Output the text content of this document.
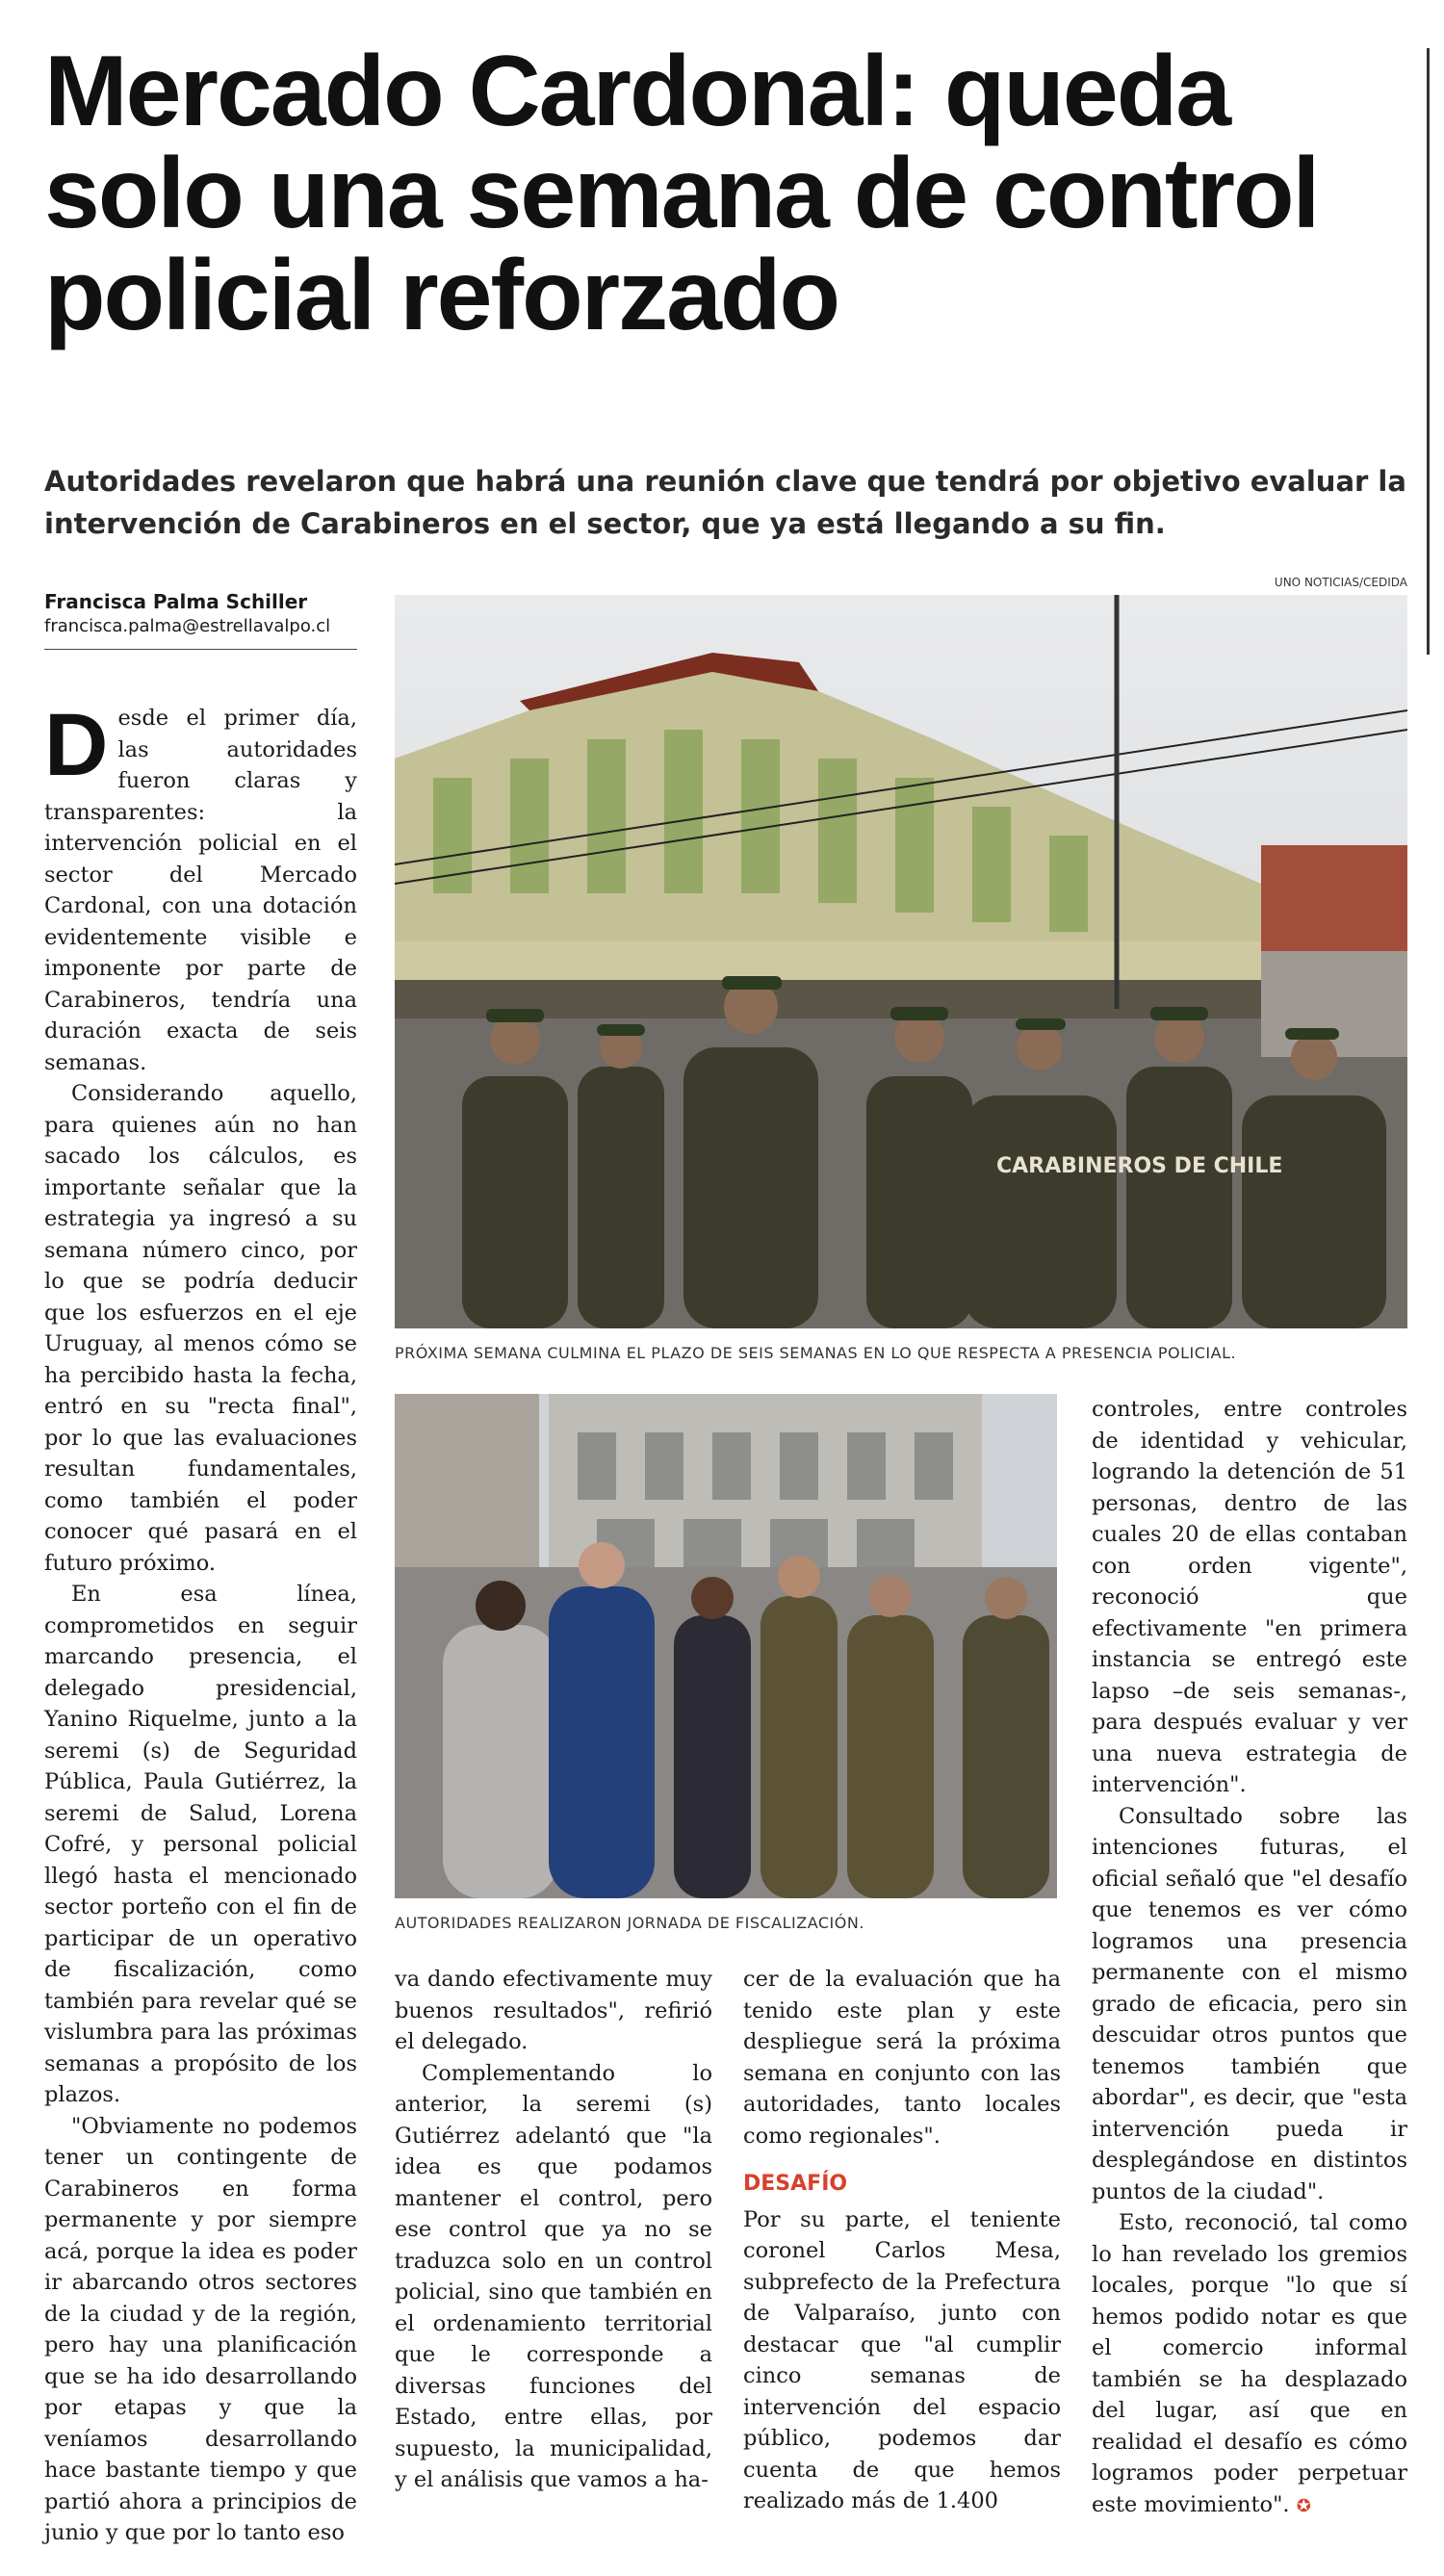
Mercado Cardonal: queda solo una semana de control policial reforzado

Autoridades revelaron que habrá una reunión clave que tendrá por objetivo evaluar la intervención de Carabineros en el sector, que ya está llegando a su fin.

Francisca Palma Schiller
francisca.palma@estrellavalpo.cl
UNO NOTICIAS/CEDIDA
CARABINEROS DE CHILE
PRÓXIMA SEMANA CULMINA EL PLAZO DE SEIS SEMANAS EN LO QUE RESPECTA A PRESENCIA POLICIAL.
AUTORIDADES REALIZARON JORNADA DE FISCALIZACIÓN.

Desde el primer día, las autoridades fueron claras y transparentes: la intervención policial en el sector del Mercado Cardonal, con una dotación evidentemente visible e imponente por parte de Carabineros, tendría una duración exacta de seis semanas.

Considerando aquello, para quienes aún no han sacado los cálculos, es importante señalar que la estrategia ya ingresó a su semana número cinco, por lo que se podría deducir que los esfuerzos en el eje Uruguay, al menos cómo se ha percibido hasta la fecha, entró en su "recta final", por lo que las evaluaciones resultan fundamentales, como también el poder conocer qué pasará en el futuro próximo.

En esa línea, comprometidos en seguir marcando presencia, el delegado presidencial, Yanino Riquelme, junto a la seremi (s) de Seguridad Pública, Paula Gutiérrez, la seremi de Salud, Lorena Cofré, y personal policial llegó hasta el mencionado sector porteño con el fin de participar de un operativo de fiscalización, como también para revelar qué se vislumbra para las próximas semanas a propósito de los plazos.

"Obviamente no podemos tener un contingente de Carabineros en forma permanente y por siempre acá, porque la idea es poder ir abarcando otros sectores de la ciudad y de la región, pero hay una planificación que se ha ido desarrollando por etapas y que la veníamos desarrollando hace bastante tiempo y que partió ahora a principios de junio y que por lo tanto eso

va dando efectivamente muy buenos resultados", refirió el delegado.

Complementando lo anterior, la seremi (s) Gutiérrez adelantó que "la idea es que podamos mantener el control, pero ese control que ya no se traduzca solo en un control policial, sino que también en el ordenamiento territorial que le corresponde a diversas funciones del Estado, entre ellas, por supuesto, la municipalidad, y el análisis que vamos a ha-

cer de la evaluación que ha tenido este plan y este despliegue será la próxima semana en conjunto con las autoridades, tanto locales como regionales".

DESAFÍO

Por su parte, el teniente coronel Carlos Mesa, subprefecto de la Prefectura de Valparaíso, junto con destacar que "al cumplir cinco semanas de intervención del espacio público, podemos dar cuenta de que hemos realizado más de 1.400

controles, entre controles de identidad y vehicular, logrando la detención de 51 personas, dentro de las cuales 20 de ellas contaban con orden vigente", reconoció que efectivamente "en primera instancia se entregó este lapso –de seis semanas-, para después evaluar y ver una nueva estrategia de intervención".

Consultado sobre las intenciones futuras, el oficial señaló que "el desafío que tenemos es ver cómo logramos una presencia permanente con el mismo grado de eficacia, pero sin descuidar otros puntos que tenemos también que abordar", es decir, que "esta intervención pueda ir desplegándose en distintos puntos de la ciudad".

Esto, reconoció, tal como lo han revelado los gremios locales, porque "lo que sí hemos podido notar es que el comercio informal también se ha desplazado del lugar, así que en realidad el desafío es cómo logramos poder perpetuar este movimiento". ✪
